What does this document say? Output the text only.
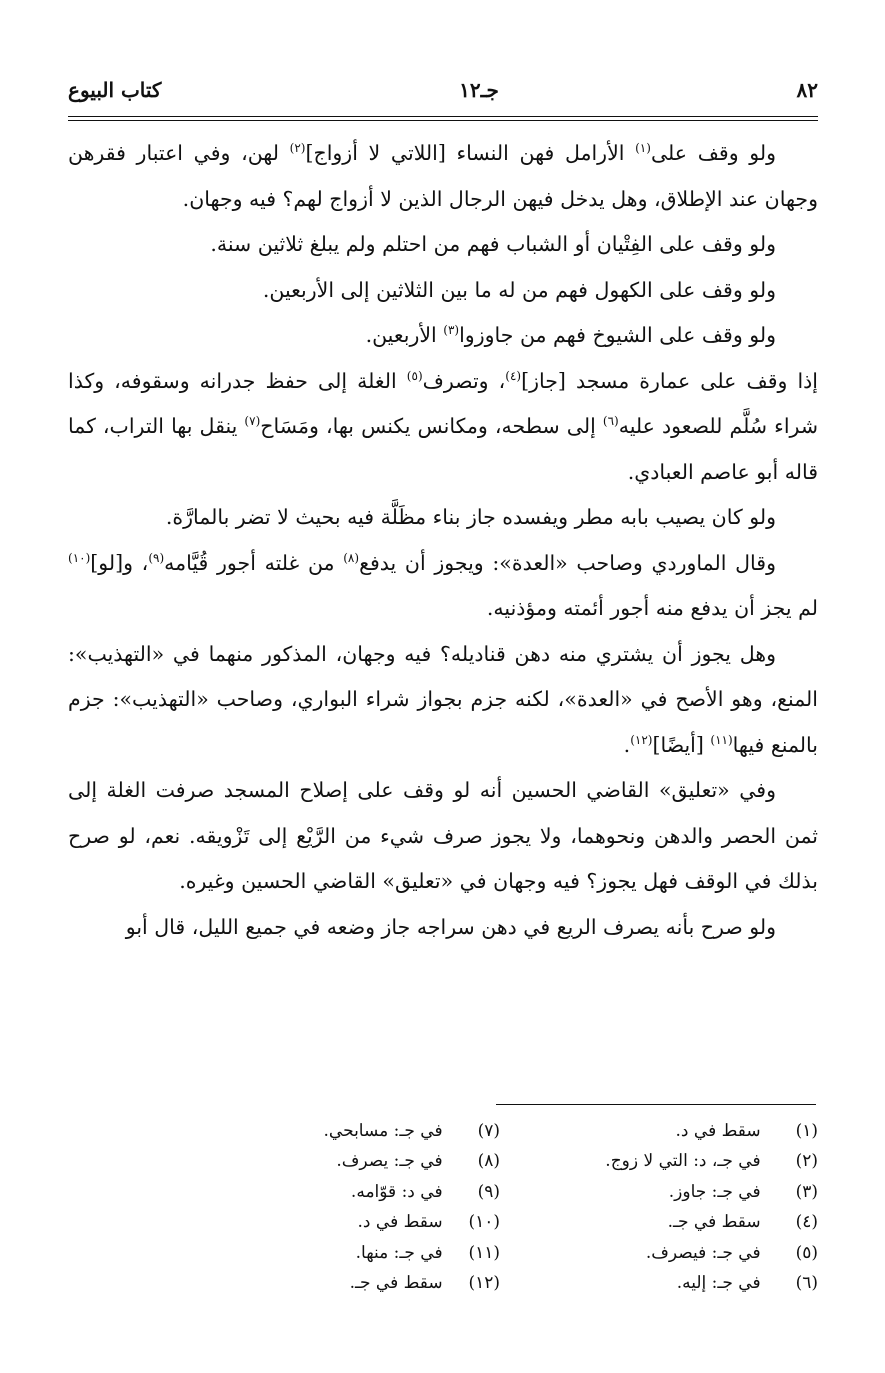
٨٢
جـ١٢
كتاب البيوع

ولو وقف على$^{(١)}$ الأرامل فهن النساء [اللاتي لا أزواج]$^{(٢)}$ لهن، وفي اعتبار فقرهن وجهان عند الإطلاق، وهل يدخل فيهن الرجال الذين لا أزواج لهم؟ فيه وجهان.

ولو وقف على الفِتْيان أو الشباب فهم من احتلم ولم يبلغ ثلاثين سنة.

ولو وقف على الكهول فهم من له ما بين الثلاثين إلى الأربعين.

ولو وقف على الشيوخ فهم من جاوزوا$^{(٣)}$ الأربعين.

إذا وقف على عمارة مسجد [جاز]$^{(٤)}$، وتصرف$^{(٥)}$ الغلة إلى حفظ جدرانه وسقوفه، وكذا شراء سُلَّم للصعود عليه$^{(٦)}$ إلى سطحه، ومكانس يكنس بها، ومَسَاح$^{(٧)}$ ينقل بها التراب، كما قاله أبو عاصم العبادي.

ولو كان يصيب بابه مطر ويفسده جاز بناء مظَلَّة فيه بحيث لا تضر بالمارَّة.

وقال الماوردي وصاحب «العدة»: ويجوز أن يدفع$^{(٨)}$ من غلته أجور قُيَّامه$^{(٩)}$، و[لو]$^{(١٠)}$ لم يجز أن يدفع منه أجور أئمته ومؤذنيه.

وهل يجوز أن يشتري منه دهن قناديله؟ فيه وجهان، المذكور منهما في «التهذيب»: المنع، وهو الأصح في «العدة»، لكنه جزم بجواز شراء البواري، وصاحب «التهذيب»: جزم بالمنع فيها$^{(١١)}$ [أيضًا]$^{(١٢)}$.

وفي «تعليق» القاضي الحسين أنه لو وقف على إصلاح المسجد صرفت الغلة إلى ثمن الحصر والدهن ونحوهما، ولا يجوز صرف شيء من الرَّيْع إلى تَزْويقه. نعم، لو صرح بذلك في الوقف فهل يجوز؟ فيه وجهان في «تعليق» القاضي الحسين وغيره.

ولو صرح بأنه يصرف الريع في دهن سراجه جاز وضعه في جميع الليل، قال أبو

(١) سقط في د.
(٢) في جـ، د: التي لا زوج.
(٣) في جـ: جاوز.
(٤) سقط في جـ.
(٥) في جـ: فيصرف.
(٦) في جـ: إليه.
(٧) في جـ: مسابحي.
(٨) في جـ: يصرف.
(٩) في د: قوّامه.
(١٠) سقط في د.
(١١) في جـ: منها.
(١٢) سقط في جـ.
